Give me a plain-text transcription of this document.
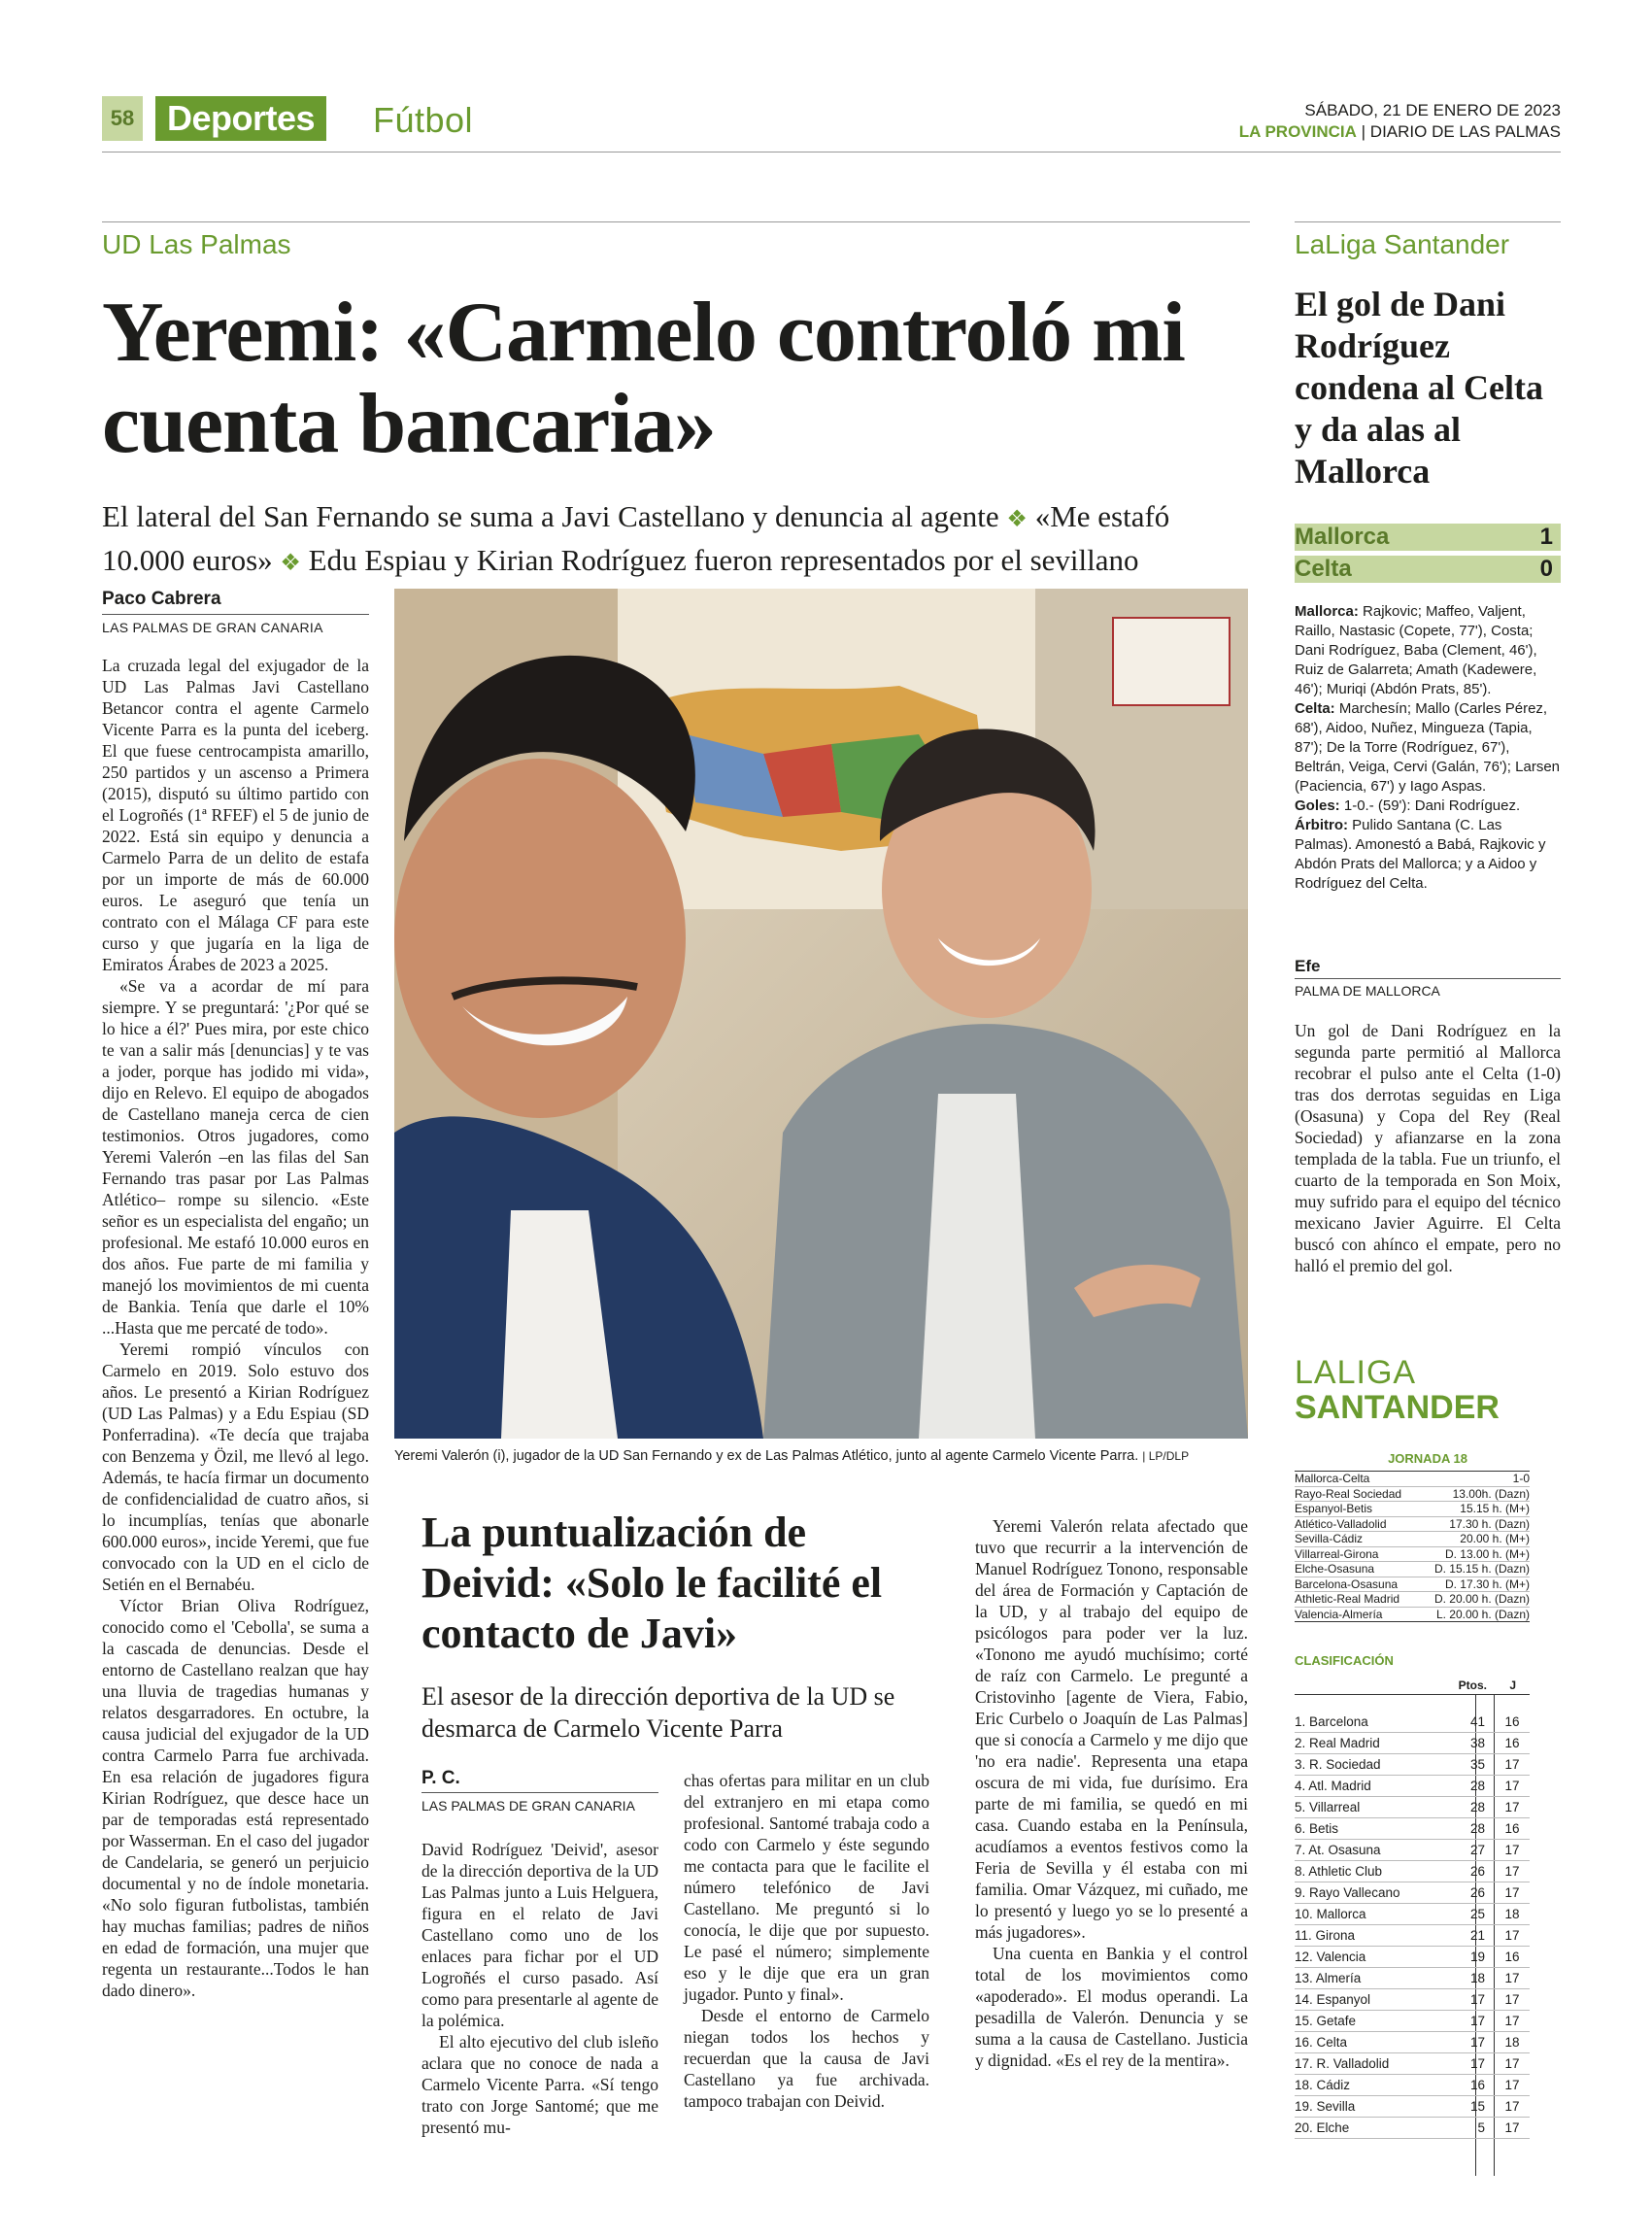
58 Deportes	Fútbol	SÁBADO, 21 DE ENERO DE 2023
LA PROVINCIA | DIARIO DE LAS PALMAS
UD Las Palmas
Yeremi: «Carmelo controló mi cuenta bancaria»
El lateral del San Fernando se suma a Javi Castellano y denuncia al agente ❖ «Me estafó 10.000 euros» ❖ Edu Espiau y Kirian Rodríguez fueron representados por el sevillano
Paco Cabrera
LAS PALMAS DE GRAN CANARIA

La cruzada legal del exjugador de la UD Las Palmas Javi Castellano Betancor contra el agente Carmelo Vicente Parra es la punta del iceberg. El que fuese centrocampista amarillo, 250 partidos y un ascenso a Primera (2015), disputó su último partido con el Logroñés (1ª RFEF) el 5 de junio de 2022. Está sin equipo y denuncia a Carmelo Parra de un delito de estafa por un importe de más de 60.000 euros. Le aseguró que tenía un contrato con el Málaga CF para este curso y que jugaría en la liga de Emiratos Árabes de 2023 a 2025.

«Se va a acordar de mí para siempre. Y se preguntará: '¿Por qué se lo hice a él?' Pues mira, por este chico te van a salir más [denuncias] y te vas a joder, porque has jodido mi vida», dijo en Relevo. El equipo de abogados de Castellano maneja cerca de cien testimonios. Otros jugadores, como Yeremi Valerón –en las filas del San Fernando tras pasar por Las Palmas Atlético– rompe su silencio. «Este señor es un especialista del engaño; un profesional. Me estafó 10.000 euros en dos años. Fue parte de mi familia y manejó los movimientos de mi cuenta de Bankia. Tenía que darle el 10% ...Hasta que me percaté de todo».

Yeremi rompió vínculos con Carmelo en 2019. Solo estuvo dos años. Le presentó a Kirian Rodríguez (UD Las Palmas) y a Edu Espiau (SD Ponferradina). «Te decía que trajaba con Benzema y Özil, me llevó al lego. Además, te hacía firmar un documento de confidencialidad de cuatro años, si lo incumplías, tenías que abonarle 600.000 euros», incide Yeremi, que fue convocado con la UD en el ciclo de Setién en el Bernabéu.

Víctor Brian Oliva Rodríguez, conocido como el 'Cebolla', se suma a la cascada de denuncias. Desde el entorno de Castellano realzan que hay una lluvia de tragedias humanas y relatos desgarradores. En octubre, la causa judicial del exjugador de la UD contra Carmelo Parra fue archivada. En esa relación de jugadores figura Kirian Rodríguez, que desce hace un par de temporadas está representado por Wasserman. En el caso del jugador de Candelaria, se generó un perjuicio documental y no de índole monetaria. «No solo figuran futbolistas, también hay muchas familias; padres de niños en edad de formación, una mujer que regenta un restaurante...Todos le han dado dinero».

Yeremi Valerón (i), jugador de la UD San Fernando y ex de Las Palmas Atlético, junto al agente Carmelo Vicente Parra. | LP/DLP
La puntualización de Deivid: «Solo le facilité el contacto de Javi»
El asesor de la dirección deportiva de la UD se desmarca de Carmelo Vicente Parra
P. C.
LAS PALMAS DE GRAN CANARIA

David Rodríguez 'Deivid', asesor de la dirección deportiva de la UD Las Palmas junto a Luis Helguera, figura en el relato de Javi Castellano como uno de los enlaces para fichar por el UD Logroñés el curso pasado. Así como para presentarle al agente de la polémica.

El alto ejecutivo del club isleño aclara que no conoce de nada a Carmelo Vicente Parra. «Sí tengo trato con Jorge Santomé; que me presentó mu-

chas ofertas para militar en un club del extranjero en mi etapa como profesional. Santomé trabaja codo a codo con Carmelo y éste segundo me contacta para que le facilite el número telefónico de Javi Castellano. Me preguntó si lo conocía, le dije que por supuesto. Le pasé el número; simplemente eso y le dije que era un gran jugador. Punto y final».

Desde el entorno de Carmelo niegan todos los hechos y recuerdan que la causa de Javi Castellano ya fue archivada. tampoco trabajan con Deivid.

Yeremi Valerón relata afectado que tuvo que recurrir a la intervención de Manuel Rodríguez Tonono, responsable del área de Formación y Captación de la UD, y al trabajo del equipo de psicólogos para poder ver la luz. «Tonono me ayudó muchísimo; corté de raíz con Carmelo. Le pregunté a Cristovinho [agente de Viera, Fabio, Eric Curbelo o Joaquín de Las Palmas] que si conocía a Carmelo y me dijo que 'no era nadie'. Representa una etapa oscura de mi vida, fue durísimo. Era parte de mi familia, se quedó en mi casa. Cuando estaba en la Península, acudíamos a eventos festivos como la Feria de Sevilla y él estaba con mi familia. Omar Vázquez, mi cuñado, me lo presentó y luego yo se lo presenté a más jugadores».

Una cuenta en Bankia y el control total de los movimientos como «apoderado». El modus operandi. La pesadilla de Valerón. Denuncia y se suma a la causa de Castellano. Justicia y dignidad. «Es el rey de la mentira».

LaLiga Santander
El gol de Dani Rodríguez condena al Celta y da alas al Mallorca
Mallorca	1
Celta	0

Mallorca: Rajkovic; Maffeo, Valjent, Raillo, Nastasic (Copete, 77'), Costa; Dani Rodríguez, Baba (Clement, 46'), Ruiz de Galarreta; Amath (Kadewere, 46'); Muriqi (Abdón Prats, 85').

Celta: Marchesín; Mallo (Carles Pérez, 68'), Aidoo, Nuñez, Mingueza (Tapia, 87'); De la Torre (Rodríguez, 67'), Beltrán, Veiga, Cervi (Galán, 76'); Larsen (Paciencia, 67') y Iago Aspas.

Goles: 1-0.- (59'): Dani Rodríguez.

Árbitro: Pulido Santana (C. Las Palmas). Amonestó a Babá, Rajkovic y Abdón Prats del Mallorca; y a Aidoo y Rodríguez del Celta.

Efe
PALMA DE MALLORCA
Un gol de Dani Rodríguez en la segunda parte permitió al Mallorca recobrar el pulso ante el Celta (1-0) tras dos derrotas seguidas en Liga (Osasuna) y Copa del Rey (Real Sociedad) y afianzarse en la zona templada de la tabla. Fue un triunfo, el cuarto de la temporada en Son Moix, muy sufrido para el equipo del técnico mexicano Javier Aguirre. El Celta buscó con ahínco el empate, pero no halló el premio del gol.
LALIGA
SANTANDER
JORNADA 18
Mallorca-Celta	1-0
Rayo-Real Sociedad	13.00h. (Dazn)
Espanyol-Betis	15.15 h. (M+)
Atlético-Valladolid	17.30 h. (Dazn)
Sevilla-Cádiz	20.00 h. (M+)
Villarreal-Girona	D. 13.00 h. (M+)
Elche-Osasuna	D. 15.15 h. (Dazn)
Barcelona-Osasuna	D. 17.30 h. (M+)
Athletic-Real Madrid	D. 20.00 h. (Dazn)
Valencia-Almería	L. 20.00 h. (Dazn)
CLASIFICACIÓN
Ptos. J
1. Barcelona	41	16
2. Real Madrid	38	16
3. R. Sociedad	35	17
4. Atl. Madrid	28	17
5. Villarreal	28	17
6. Betis	28	16
7. At. Osasuna	27	17
8. Athletic Club	26	17
9. Rayo Vallecano	26	17
10. Mallorca	25	18
11. Girona	21	17
12. Valencia	19	16
13. Almería	18	17
14. Espanyol	17	17
15. Getafe	17	17
16. Celta	17	18
17. R. Valladolid	17	17
18. Cádiz	16	17
19. Sevilla	15	17
20. Elche	5	17
